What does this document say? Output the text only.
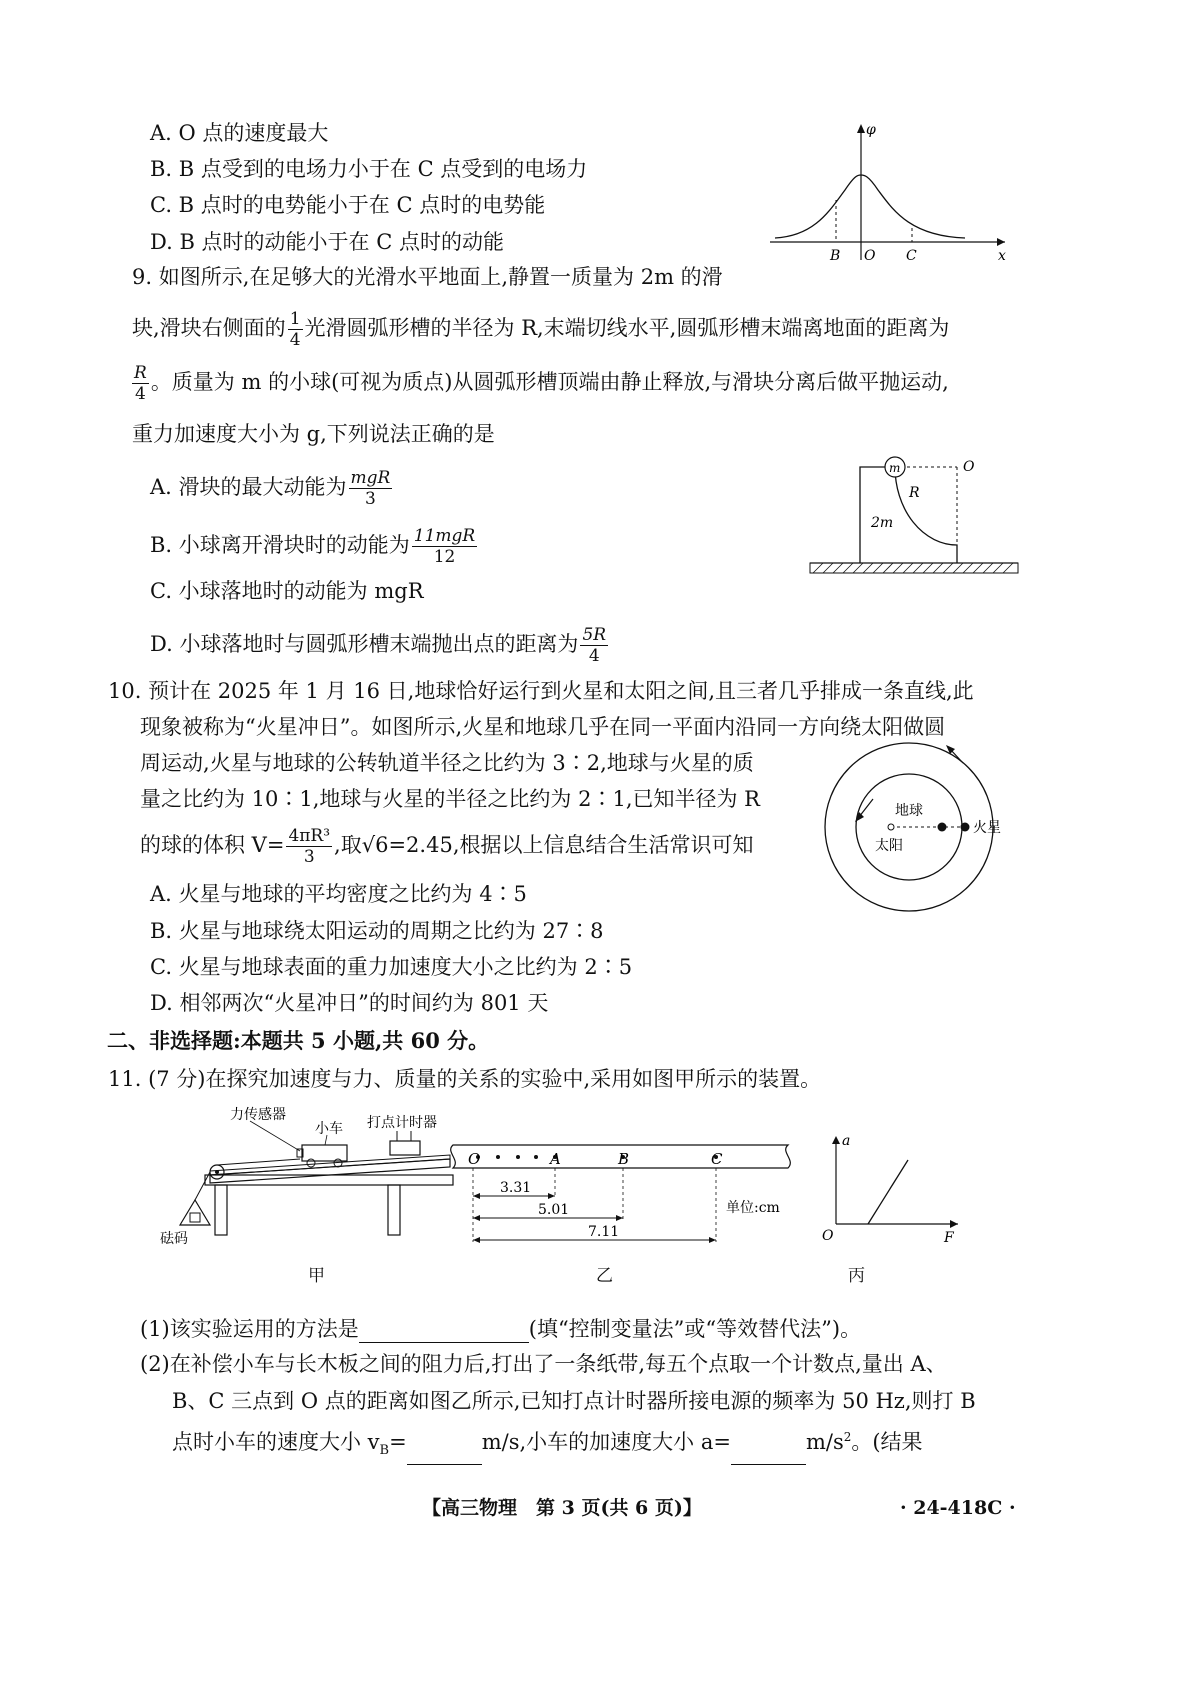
A. O 点的速度最大
B. B 点受到的电场力小于在 C 点受到的电场力
C. B 点时的电势能小于在 C 点时的电势能
D. B 点时的动能小于在 C 点时的动能
φ
x
B O C
9. 如图所示,在足够大的光滑水平地面上,静置一质量为 2m 的滑
块,滑块右侧面的 $\frac{1}{4}$ 光滑圆弧形槽的半径为 R,末端切线水平,圆弧形槽末端离地面的距离为
$\frac{R}{4}$ 。质量为 m 的小球(可视为质点)从圆弧形槽顶端由静止释放,与滑块分离后做平抛运动,
重力加速度大小为 g,下列说法正确的是
A. 滑块的最大动能为 $\frac{\text{mgR}}{3}$
B. 小球离开滑块时的动能为 $\frac{\text{11mgR}}{12}$
C. 小球落地时的动能为 mgR
D. 小球落地时与圆弧形槽末端抛出点的距离为 $\frac{5R}{4}$
m	O
R
2m
10. 预计在 2025 年 1 月 16 日,地球恰好运行到火星和太阳之间,且三者几乎排成一条直线,此
现象被称为“火星冲日”。如图所示,火星和地球几乎在同一平面内沿同一方向绕太阳做圆
周运动,火星与地球的公转轨道半径之比约为 3∶2,地球与火星的质
量之比约为 10∶1,地球与火星的半径之比约为 2∶1,已知半径为 R
的球的体积 $V= \frac{\text{4πR³}}{3}$ ,取√6=2.45,根据以上信息结合生活常识可知
A. 火星与地球的平均密度之比约为 4∶5
B. 火星与地球绕太阳运动的周期之比约为 27∶8
C. 火星与地球表面的重力加速度大小之比约为 2∶5
D. 相邻两次“火星冲日”的时间约为 801 天
地球
太阳
火星
二、非选择题:本题共 5 小题,共 60 分。
11. (7 分)在探究加速度与力、质量的关系的实验中,采用如图甲所示的装置。
力传感器
小车 打点计时器
砝码
甲
O	A	B	C
3.31
5.01
7.11
单位:cm
乙
a
O	F
丙
(1)该实验运用的方法是	(填“控制变量法”或“等效替代法”)。
(2)在补偿小车与长木板之间的阻力后,打出了一条纸带,每五个点取一个计数点,量出 A、
B、C 三点到 O 点的距离如图乙所示,已知打点计时器所接电源的频率为 50 Hz,则打 B
点时小车的速度大小 $v_B=$	m/s,小车的加速度大小 a=	$m/s^2$。(结果
【高三物理　第 3 页(共 6 页)】	· 24-418C ·
